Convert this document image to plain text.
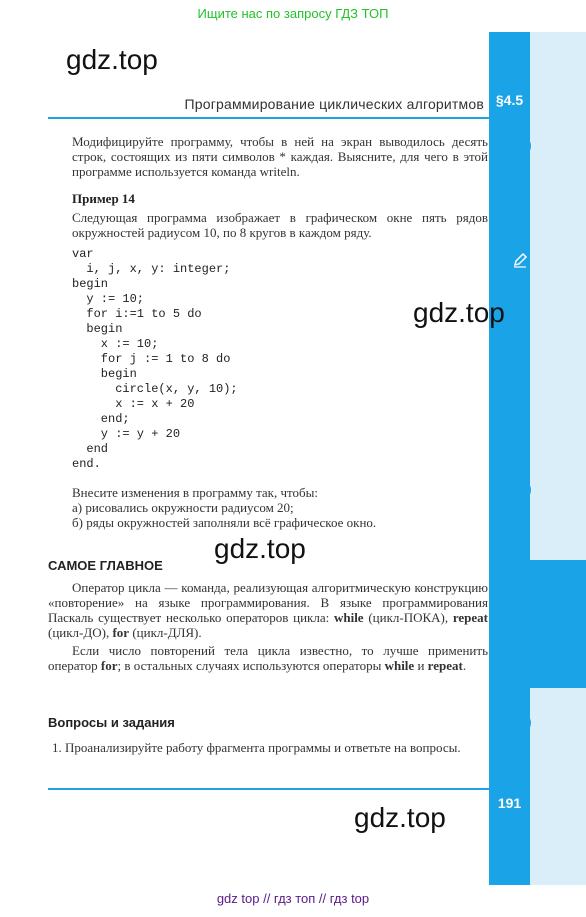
Ищите нас по запросу ГДЗ ТОП
gdz.top
Программирование циклических алгоритмов §4.5
Модифицируйте программу, чтобы в ней на экран выводилось десять строк, состоящих из пяти символов * каждая. Выясните, для чего в этой программе используется команда writeln.
Пример 14
Следующая программа изображает в графическом окне пять рядов окружностей радиусом 10, по 8 кругов в каждом ряду.
var
i, j, x, y: integer;
begin
y := 10;
for i:=1 to 5 do
begin
x := 10;
for j := 1 to 8 do
begin
circle(x, y, 10);
x := x + 20
end;
y := y + 20
end
end.
gdz.top
Внесите изменения в программу так, чтобы:
а) рисовались окружности радиусом 20;
б) ряды окружностей заполняли всё графическое окно.
gdz.top
САМОЕ ГЛАВНОЕ
Оператор цикла — команда, реализующая алгоритмическую конструкцию «повторение» на языке программирования. В языке программирования Паскаль существует несколько операторов цикла: while (цикл-ПОКА), repeat (цикл-ДО), for (цикл-ДЛЯ).
Если число повторений тела цикла известно, то лучше применить оператор for; в остальных случаях используются операторы while и repeat.
Вопросы и задания
1. Проанализируйте работу фрагмента программы и ответьте на вопросы.
gdz.top	191
gdz top // гдз топ // гдз top
